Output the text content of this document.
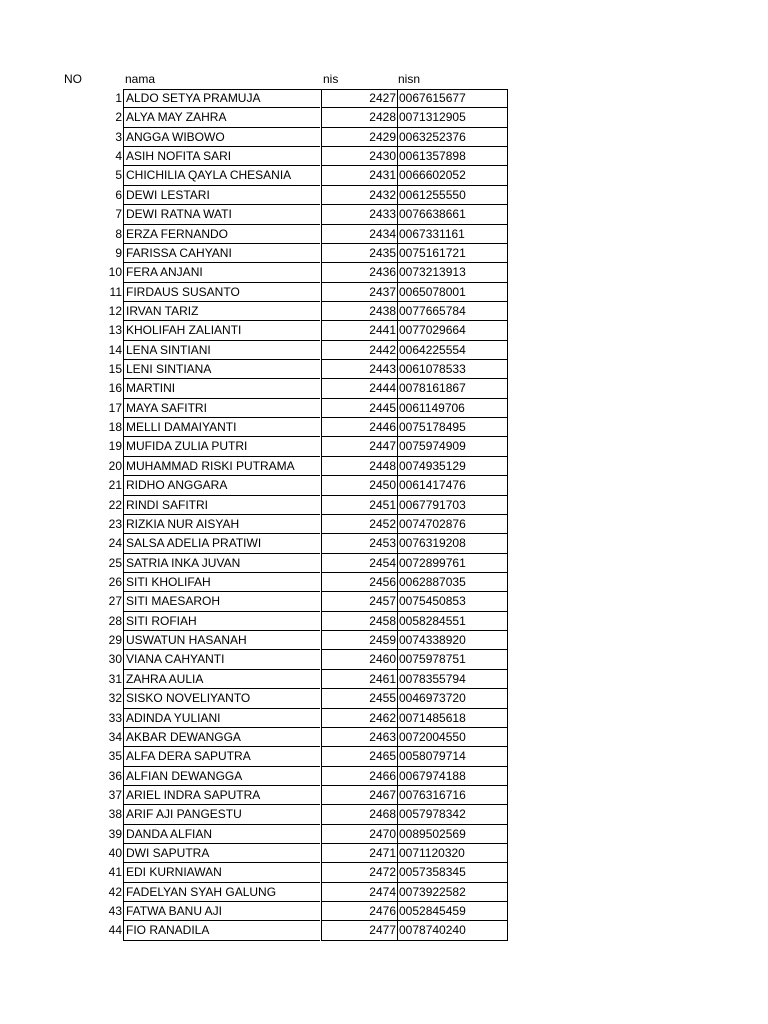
NO	nama	nis	nisn
1 ALDO SETYA PRAMUJA	2427 0067615677
2 ALYA MAY ZAHRA	2428 0071312905
3 ANGGA WIBOWO	2429 0063252376
4 ASIH NOFITA SARI	2430 0061357898
5 CHICHILIA QAYLA CHESANIA	2431 0066602052
6 DEWI LESTARI	2432 0061255550
7 DEWI RATNA WATI	2433 0076638661
8 ERZA FERNANDO	2434 0067331161
9 FARISSA CAHYANI	2435 0075161721
10 FERA ANJANI	2436 0073213913
11 FIRDAUS SUSANTO	2437 0065078001
12 IRVAN TARIZ	2438 0077665784
13 KHOLIFAH ZALIANTI	2441 0077029664
14 LENA SINTIANI	2442 0064225554
15 LENI SINTIANA	2443 0061078533
16 MARTINI	2444 0078161867
17 MAYA SAFITRI	2445 0061149706
18 MELLI DAMAIYANTI	2446 0075178495
19 MUFIDA ZULIA PUTRI	2447 0075974909
20 MUHAMMAD RISKI PUTRAMA	2448 0074935129
21 RIDHO ANGGARA	2450 0061417476
22 RINDI SAFITRI	2451 0067791703
23 RIZKIA NUR AISYAH	2452 0074702876
24 SALSA ADELIA PRATIWI	2453 0076319208
25 SATRIA INKA JUVAN	2454 0072899761
26 SITI KHOLIFAH	2456 0062887035
27 SITI MAESAROH	2457 0075450853
28 SITI ROFIAH	2458 0058284551
29 USWATUN HASANAH	2459 0074338920
30 VIANA CAHYANTI	2460 0075978751
31 ZAHRA AULIA	2461 0078355794
32 SISKO NOVELIYANTO	2455 0046973720
33 ADINDA YULIANI	2462 0071485618
34 AKBAR DEWANGGA	2463 0072004550
35 ALFA DERA SAPUTRA	2465 0058079714
36 ALFIAN DEWANGGA	2466 0067974188
37 ARIEL INDRA SAPUTRA	2467 0076316716
38 ARIF AJI PANGESTU	2468 0057978342
39 DANDA ALFIAN	2470 0089502569
40 DWI SAPUTRA	2471 0071120320
41 EDI KURNIAWAN	2472 0057358345
42 FADELYAN SYAH GALUNG	2474 0073922582
43 FATWA BANU AJI	2476 0052845459
44 FIO RANADILA	2477 0078740240
